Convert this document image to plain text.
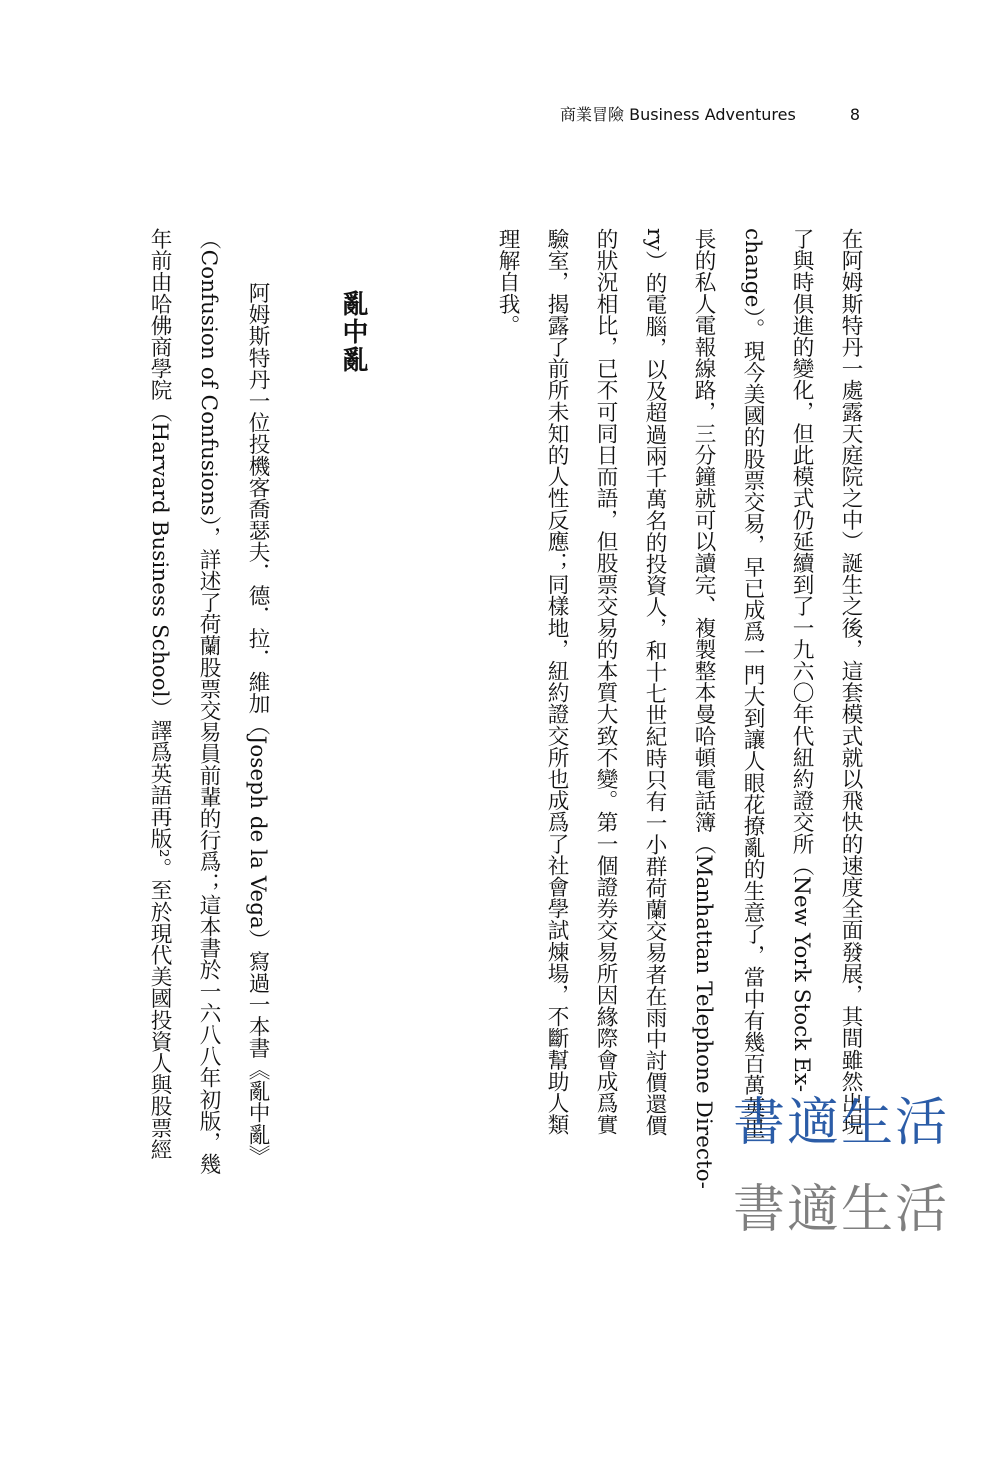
商業冒險 Business Adventures	8
在阿姆斯特丹一處露天庭院之中）誕生之後，這套模式就以飛快的速度全面發展，其間雖然出現
了與時俱進的變化，但此模式仍延續到了一九六〇年代紐約證交所（New York Stock Ex-
change）。現今美國的股票交易，早已成爲一門大到讓人眼花撩亂的生意了，當中有幾百萬英里
長的私人電報線路，三分鐘就可以讀完、複製整本曼哈頓電話簿（Manhattan Telephone Directo-
ry）的電腦，以及超過兩千萬名的投資人，和十七世紀時只有一小群荷蘭交易者在雨中討價還價
的狀況相比，已不可同日而語，但股票交易的本質大致不變。第一個證券交易所因緣際會成爲實
驗室，揭露了前所未知的人性反應；同樣地，紐約證交所也成爲了社會學試煉場，不斷幫助人類
理解自我。
亂中亂
阿姆斯特丹一位投機客喬瑟夫．德．拉．維加（Joseph de la Vega）寫過一本書《亂中亂》
（Confusion of Confusions），詳述了荷蘭股票交易員前輩的行爲；這本書於一六八八年初版，幾
年前由哈佛商學院（Harvard Business School）譯爲英語再版²。至於現代美國投資人與股票經	書適生活
書適生活
